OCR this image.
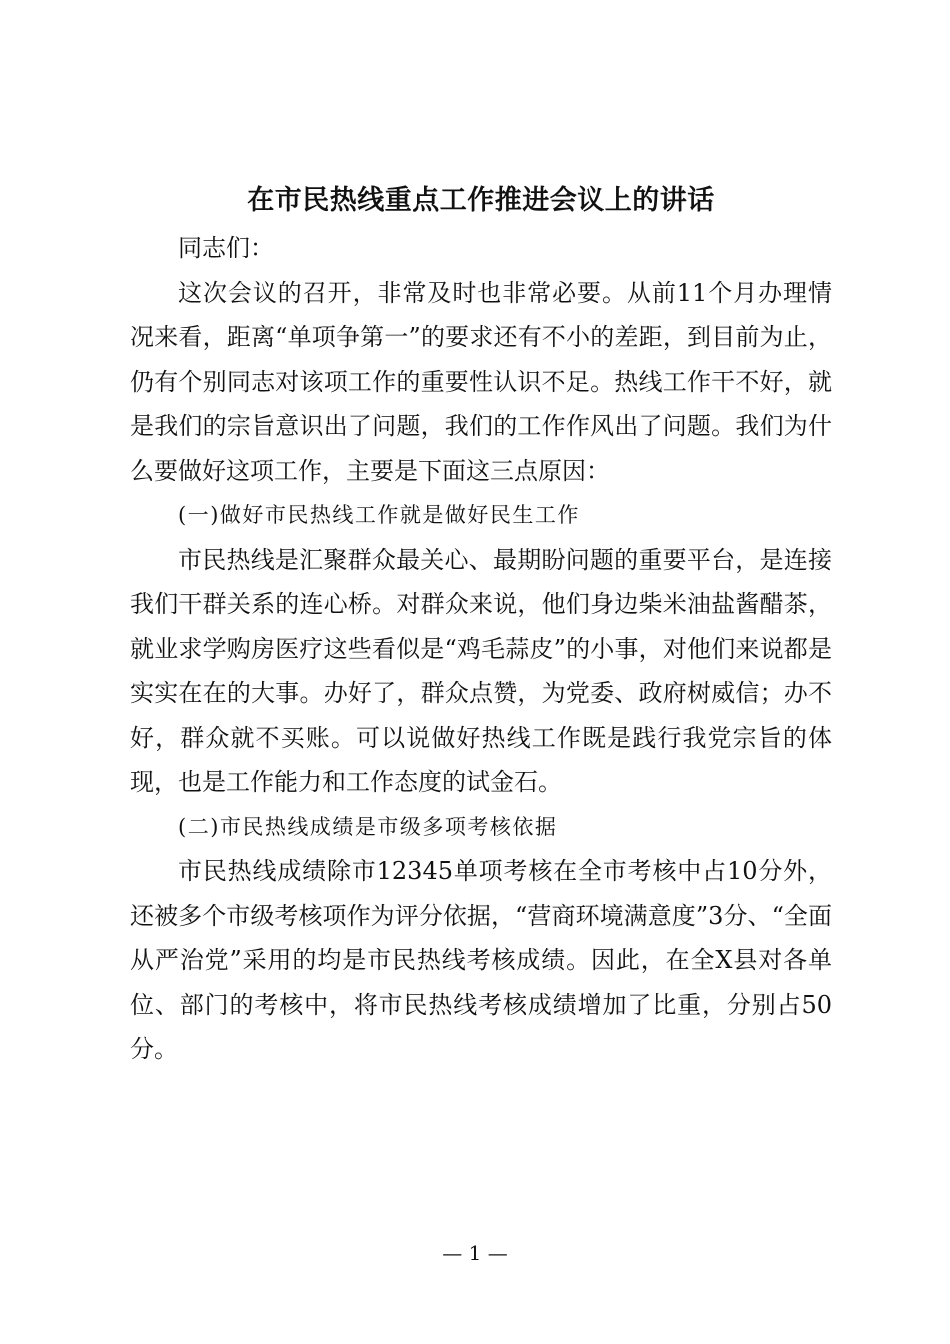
在市民热线重点工作推进会议上的讲话

同志们：

这次会议的召开，非常及时也非常必要。从前11个月办理情况来看，距离“单项争第一”的要求还有不小的差距，到目前为止，仍有个别同志对该项工作的重要性认识不足。热线工作干不好，就是我们的宗旨意识出了问题，我们的工作作风出了问题。我们为什么要做好这项工作，主要是下面这三点原因：

(一)做好市民热线工作就是做好民生工作

市民热线是汇聚群众最关心、最期盼问题的重要平台，是连接我们干群关系的连心桥。对群众来说，他们身边柴米油盐酱醋茶，就业求学购房医疗这些看似是“鸡毛蒜皮”的小事，对他们来说都是实实在在的大事。办好了，群众点赞，为党委、政府树威信；办不好，群众就不买账。可以说做好热线工作既是践行我党宗旨的体现，也是工作能力和工作态度的试金石。

(二)市民热线成绩是市级多项考核依据

市民热线成绩除市12345单项考核在全市考核中占10分外，还被多个市级考核项作为评分依据，“营商环境满意度”3分、“全面从严治党”采用的均是市民热线考核成绩。因此，在全X县对各单位、部门的考核中，将市民热线考核成绩增加了比重，分别占50分。

— 1 —
